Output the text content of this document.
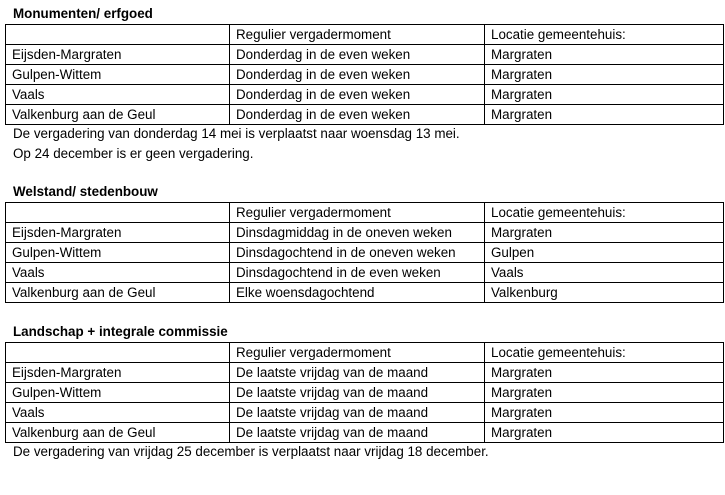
Monumenten/ erfgoed
	Regulier vergadermoment	Locatie gemeentehuis:
Eijsden-Margraten	Donderdag in de even weken	Margraten
Gulpen-Wittem	Donderdag in de even weken	Margraten
Vaals	Donderdag in de even weken	Margraten
Valkenburg aan de Geul	Donderdag in de even weken	Margraten
De vergadering van donderdag 14 mei is verplaatst naar woensdag 13 mei.
Op 24 december is er geen vergadering.
Welstand/ stedenbouw
	Regulier vergadermoment	Locatie gemeentehuis:
Eijsden-Margraten	Dinsdagmiddag in de oneven weken	Margraten
Gulpen-Wittem	Dinsdagochtend in de oneven weken	Gulpen
Vaals	Dinsdagochtend in de even weken	Vaals
Valkenburg aan de Geul	Elke woensdagochtend	Valkenburg
Landschap + integrale commissie
	Regulier vergadermoment	Locatie gemeentehuis:
Eijsden-Margraten	De laatste vrijdag van de maand	Margraten
Gulpen-Wittem	De laatste vrijdag van de maand	Margraten
Vaals	De laatste vrijdag van de maand	Margraten
Valkenburg aan de Geul	De laatste vrijdag van de maand	Margraten
De vergadering van vrijdag 25 december is verplaatst naar vrijdag 18 december.
